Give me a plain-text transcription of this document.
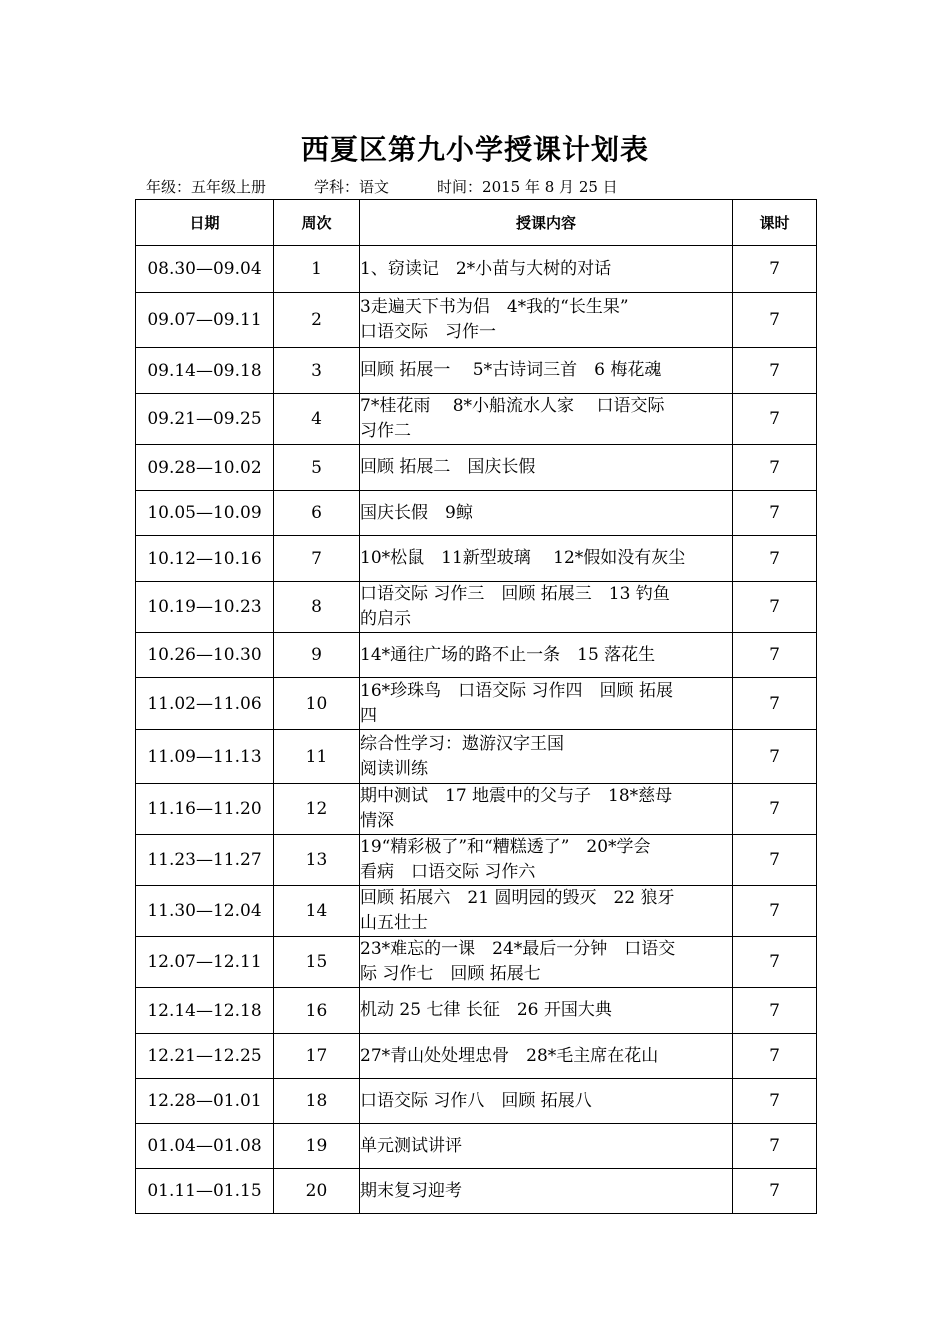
西夏区第九小学授课计划表
年级：五年级上册	学科：语文	时间：2015 年 8 月 25 日
日期	周次	授课内容	课时
08.30—09.04	1	1、窃读记　2*小苗与大树的对话	7
09.07—09.11	2	3走遍天下书为侣　4*我的“长生果”
口语交际　习作一	7
09.14—09.18	3	回顾 拓展一　 5*古诗词三首　6 梅花魂	7
09.21—09.25	4	7*桂花雨　 8*小船流水人家　 口语交际
习作二	7
09.28—10.02	5	回顾 拓展二　国庆长假	7
10.05—10.09	6	国庆长假　9鲸	7
10.12—10.16	7	10*松鼠　11新型玻璃　 12*假如没有灰尘	7
10.19—10.23	8	口语交际 习作三　回顾 拓展三　13 钓鱼
的启示	7
10.26—10.30	9	14*通往广场的路不止一条　15 落花生	7
11.02—11.06	10	16*珍珠鸟　口语交际 习作四　回顾 拓展
四	7
11.09—11.13	11	综合性学习：遨游汉字王国
阅读训练	7
11.16—11.20	12	期中测试　17 地震中的父与子　18*慈母
情深	7
11.23—11.27	13	19“精彩极了”和“糟糕透了”　20*学会
看病　口语交际 习作六	7
11.30—12.04	14	回顾 拓展六　21 圆明园的毁灭　22 狼牙
山五壮士	7
12.07—12.11	15	23*难忘的一课　24*最后一分钟　口语交
际 习作七　回顾 拓展七	7
12.14—12.18	16	机动 25 七律 长征　26 开国大典	7
12.21—12.25	17	27*青山处处埋忠骨　28*毛主席在花山	7
12.28—01.01	18	口语交际 习作八　回顾 拓展八	7
01.04—01.08	19	单元测试讲评	7
01.11—01.15	20	期末复习迎考	7
